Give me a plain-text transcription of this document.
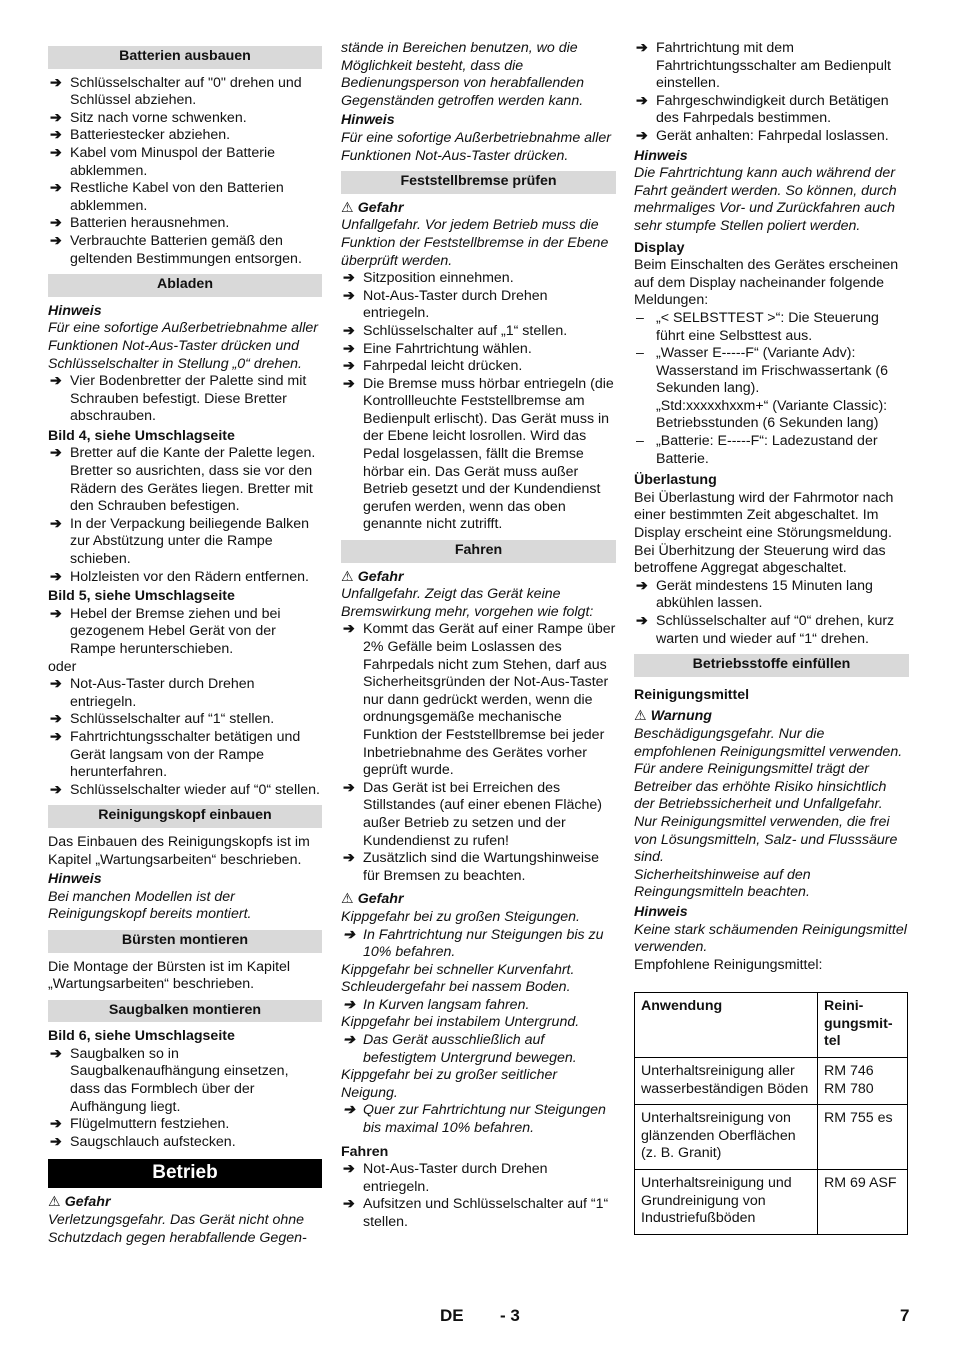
Batterien ausbauen
➔ Schlüsselschalter auf "0" drehen und Schlüssel abziehen.
➔ Sitz nach vorne schwenken.
➔ Batteriestecker abziehen.
➔ Kabel vom Minuspol der Batterie abklemmen.
➔ Restliche Kabel von den Batterien abklemmen.
➔ Batterien herausnehmen.
➔ Verbrauchte Batterien gemäß den geltenden Bestimmungen entsorgen.
Abladen
Hinweis
Für eine sofortige Außerbetriebnahme aller Funktionen Not-Aus-Taster drücken und Schlüsselschalter in Stellung „0“ drehen.
➔ Vier Bodenbretter der Palette sind mit Schrauben befestigt. Diese Bretter abschrauben.
Bild 4, siehe Umschlagseite
➔ Bretter auf die Kante der Palette legen. Bretter so ausrichten, dass sie vor den Rädern des Gerätes liegen. Bretter mit den Schrauben befestigen.
➔ In der Verpackung beiliegende Balken zur Abstützung unter die Rampe schieben.
➔ Holzleisten vor den Rädern entfernen.
Bild 5, siehe Umschlagseite
➔ Hebel der Bremse ziehen und bei gezogenem Hebel Gerät von der Rampe herunterschieben.
oder
➔ Not-Aus-Taster durch Drehen entriegeln.
➔ Schlüsselschalter auf “1“ stellen.
➔ Fahrtrichtungsschalter betätigen und Gerät langsam von der Rampe herunterfahren.
➔ Schlüsselschalter wieder auf “0“ stellen.
Reinigungskopf einbauen
Das Einbauen des Reinigungskopfs ist im Kapitel „Wartungsarbeiten“ beschrieben.
Hinweis
Bei manchen Modellen ist der Reinigungskopf bereits montiert.
Bürsten montieren
Die Montage der Bürsten ist im Kapitel „Wartungsarbeiten“ beschrieben.
Saugbalken montieren
Bild 6, siehe Umschlagseite
➔ Saugbalken so in Saugbalkenaufhängung einsetzen, dass das Formblech über der Aufhängung liegt.
➔ Flügelmuttern festziehen.
➔ Saugschlauch aufstecken.
Betrieb
⚠ Gefahr
Verletzungsgefahr. Das Gerät nicht ohne Schutzdach gegen herabfallende Gegen-
stände in Bereichen benutzen, wo die Möglichkeit besteht, dass die Bedienungsperson von herabfallenden Gegenständen getroffen werden kann.
Hinweis
Für eine sofortige Außerbetriebnahme aller Funktionen Not-Aus-Taster drücken.
Feststellbremse prüfen
⚠ Gefahr
Unfallgefahr. Vor jedem Betrieb muss die Funktion der Feststellbremse in der Ebene überprüft werden.
➔ Sitzposition einnehmen.
➔ Not-Aus-Taster durch Drehen entriegeln.
➔ Schlüsselschalter auf „1“ stellen.
➔ Eine Fahrtrichtung wählen.
➔ Fahrpedal leicht drücken.
➔ Die Bremse muss hörbar entriegeln (die Kontrollleuchte Feststellbremse am Bedienpult erlischt). Das Gerät muss in der Ebene leicht losrollen. Wird das Pedal losgelassen, fällt die Bremse hörbar ein. Das Gerät muss außer Betrieb gesetzt und der Kundendienst gerufen werden, wenn das oben genannte nicht zutrifft.
Fahren
⚠ Gefahr
Unfallgefahr. Zeigt das Gerät keine Bremswirkung mehr, vorgehen wie folgt:
➔ Kommt das Gerät auf einer Rampe über 2% Gefälle beim Loslassen des Fahrpedals nicht zum Stehen, darf aus Sicherheitsgründen der Not-Aus-Taster nur dann gedrückt werden, wenn die ordnungsgemäße mechanische Funktion der Feststellbremse bei jeder Inbetriebnahme des Gerätes vorher geprüft wurde.
➔ Das Gerät ist bei Erreichen des Stillstandes (auf einer ebenen Fläche) außer Betrieb zu setzen und der Kundendienst zu rufen!
➔ Zusätzlich sind die Wartungshinweise für Bremsen zu beachten.
⚠ Gefahr
Kippgefahr bei zu großen Steigungen.
➔ In Fahrtrichtung nur Steigungen bis zu 10% befahren.
Kippgefahr bei schneller Kurvenfahrt. Schleudergefahr bei nassem Boden.
➔ In Kurven langsam fahren.
Kippgefahr bei instabilem Untergrund.
➔ Das Gerät ausschließlich auf befestigtem Untergrund bewegen.
Kippgefahr bei zu großer seitlicher Neigung.
➔ Quer zur Fahrtrichtung nur Steigungen bis maximal 10% befahren.
Fahren
➔ Not-Aus-Taster durch Drehen entriegeln.
➔ Aufsitzen und Schlüsselschalter auf “1“ stellen.
➔ Fahrtrichtung mit dem Fahrtrichtungsschalter am Bedienpult einstellen.
➔ Fahrgeschwindigkeit durch Betätigen des Fahrpedals bestimmen.
➔ Gerät anhalten: Fahrpedal loslassen.
Hinweis
Die Fahrtrichtung kann auch während der Fahrt geändert werden. So können, durch mehrmaliges Vor- und Zurückfahren auch sehr stumpfe Stellen poliert werden.
Display
Beim Einschalten des Gerätes erscheinen auf dem Display nacheinander folgende Meldungen:
– „< SELBSTTEST >“: Die Steuerung führt eine Selbsttest aus.
– „Wasser E-----F“ (Variante Adv): Wasserstand im Frischwassertank (6 Sekunden lang).
„Std:xxxxxhxxm+“ (Variante Classic): Betriebsstunden (6 Sekunden lang)
– „Batterie: E-----F“: Ladezustand der Batterie.
Überlastung
Bei Überlastung wird der Fahrmotor nach einer bestimmten Zeit abgeschaltet. Im Display erscheint eine Störungsmeldung. Bei Überhitzung der Steuerung wird das betroffene Aggregat abgeschaltet.
➔ Gerät mindestens 15 Minuten lang abkühlen lassen.
➔ Schlüsselschalter auf “0“ drehen, kurz warten und wieder auf “1“ drehen.
Betriebsstoffe einfüllen
Reinigungsmittel
⚠ Warnung
Beschädigungsgefahr. Nur die empfohlenen Reinigungsmittel verwenden. Für andere Reinigungsmittel trägt der Betreiber das erhöhte Risiko hinsichtlich der Betriebssicherheit und Unfallgefahr.
Nur Reinigungsmittel verwenden, die frei von Lösungsmitteln, Salz- und Flusssäure sind.
Sicherheitshinweise auf den Reingungsmitteln beachten.
Hinweis
Keine stark schäumenden Reinigungsmittel verwenden.
Empfohlene Reinigungsmittel:
Anwendung	Reini-
gungsmit-
tel
Unterhaltsreinigung aller wasserbeständigen Böden	RM 746
RM 780
Unterhaltsreinigung von glänzenden Oberflächen (z. B. Granit)	RM 755 es
Unterhaltsreinigung und Grundreinigung von Industriefußböden	RM 69 ASF
DE - 3	7
